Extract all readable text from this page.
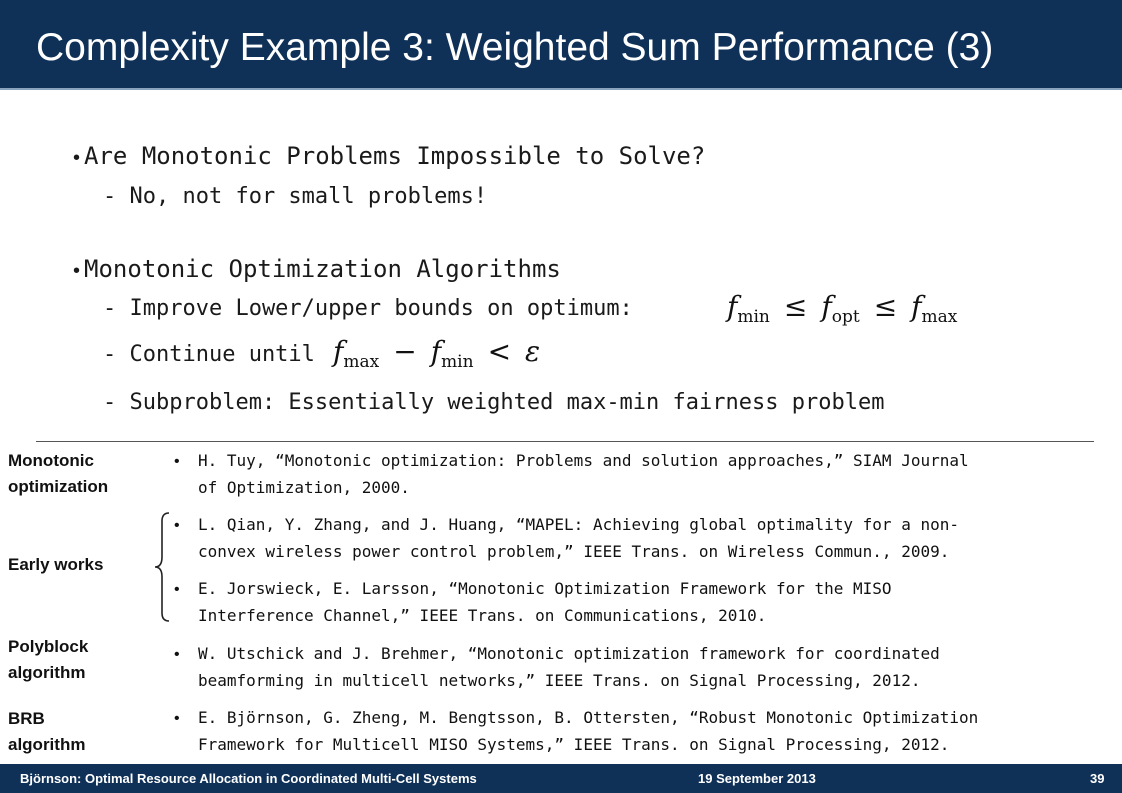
Complexity Example 3: Weighted Sum Performance (3)
• Are Monotonic Problems Impossible to Solve?
- No, not for small problems!
• Monotonic Optimization Algorithms
- Improve Lower/upper bounds on optimum:
- Continue until
- Subproblem: Essentially weighted max-min fairness problem
$f_{min} \le f_{opt} \le f_{max}$
$f_{max} - f_{min} < \varepsilon$
Monotonic
optimization
Early works
Polyblock
algorithm
BRB
algorithm
• H. Tuy, “Monotonic optimization: Problems and solution approaches,” SIAM Journal
of Optimization, 2000.
• L. Qian, Y. Zhang, and J. Huang, “MAPEL: Achieving global optimality for a non-
convex wireless power control problem,” IEEE Trans. on Wireless Commun., 2009.
• E. Jorswieck, E. Larsson, “Monotonic Optimization Framework for the MISO
Interference Channel,” IEEE Trans. on Communications, 2010.
• W. Utschick and J. Brehmer, “Monotonic optimization framework for coordinated
beamforming in multicell networks,” IEEE Trans. on Signal Processing, 2012.
• E. Björnson, G. Zheng, M. Bengtsson, B. Ottersten, “Robust Monotonic Optimization
Framework for Multicell MISO Systems,” IEEE Trans. on Signal Processing, 2012.
Björnson: Optimal Resource Allocation in Coordinated Multi-Cell Systems	19 September 2013	39
